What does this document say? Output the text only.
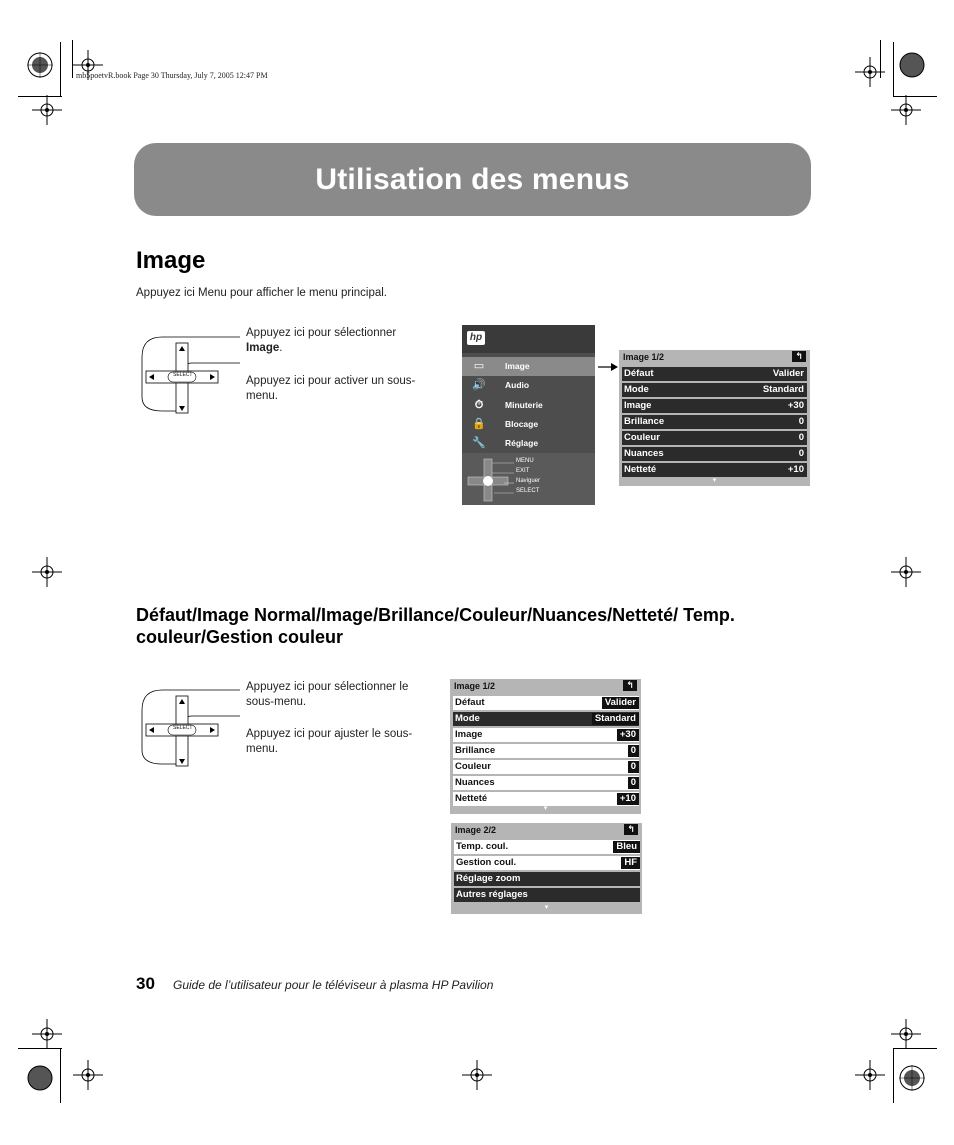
mb5poetvR.book Page 30 Thursday, July 7, 2005 12:47 PM
Utilisation des menus
Image
Appuyez ici Menu pour afficher le menu principal.
SELECT
Appuyez ici pour sélectionner
Image.
Appuyez ici pour activer un sous-menu.
hp
▭	Image
🔊 Audio
⏱	Minuterie
🔒 Blocage
🔧 Réglage
MENU
EXIT
Naviguer
SELECT
Image 1/2	↰
Défaut	Valider
Mode	Standard
Image	+30
Brillance	0
Couleur	0
Nuances	0
Netteté	+10
▾
Défaut/Image Normal/Image/Brillance/Couleur/Nuances/Netteté/ Temp. couleur/Gestion couleur
SELECT
Appuyez ici pour sélectionner le sous-menu.
Appuyez ici pour ajuster le sous-menu.
Image 1/2	↰
Défaut	Valider
Mode	Standard
Image	+30
Brillance	0
Couleur	0
Nuances	0
Netteté	+10
▾
Image 2/2	↰
Temp. coul.	Bleu
Gestion coul.	HF
Réglage zoom
Autres réglages
▾
30 Guide de l’utilisateur pour le téléviseur à plasma HP Pavilion
